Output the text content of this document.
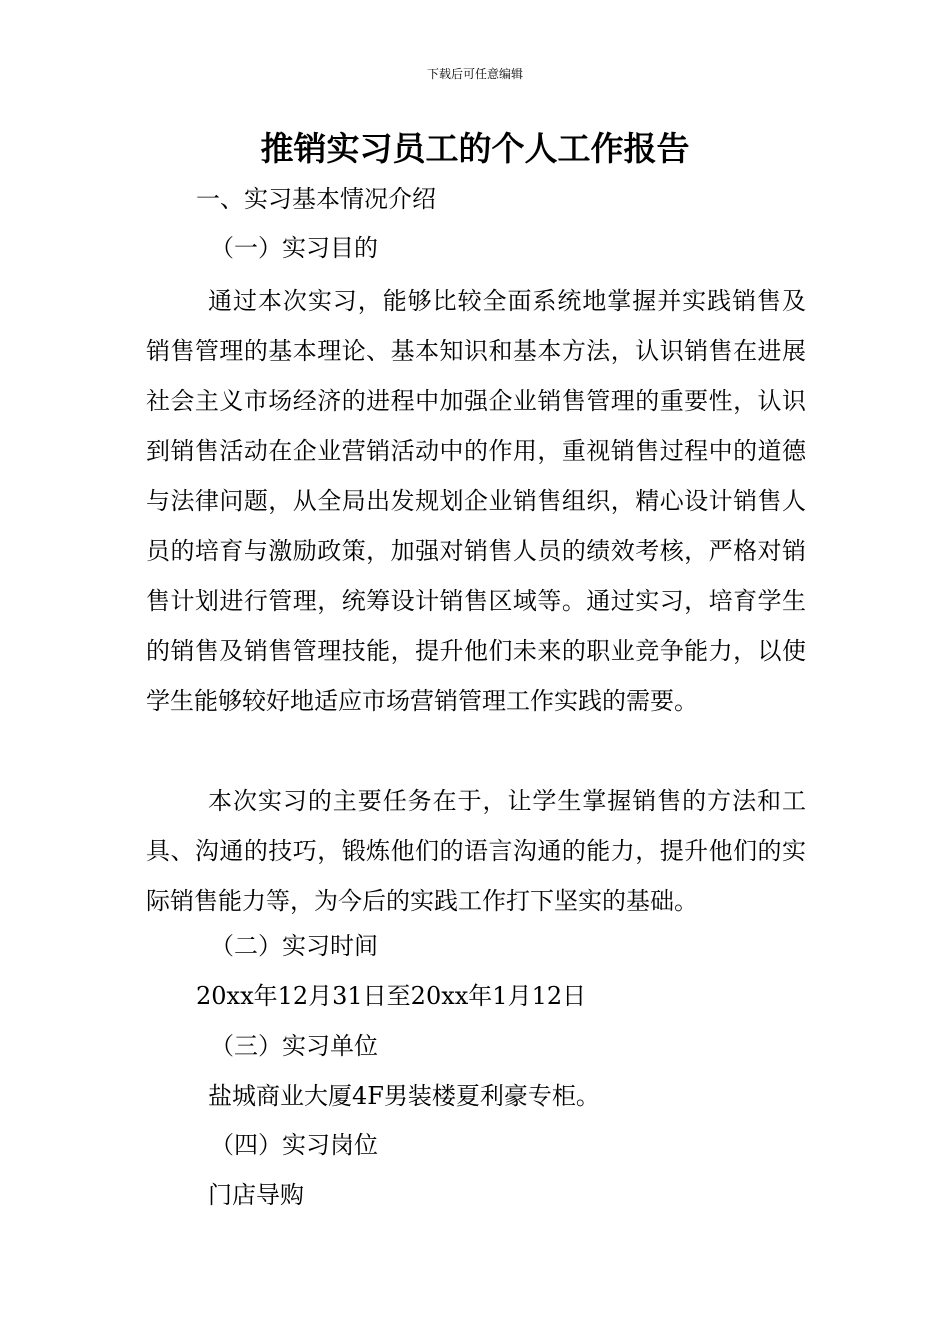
下载后可任意编辑
推销实习员工的个人工作报告

一、实习基本情况介绍

（一）实习目的

通过本次实习，能够比较全面系统地掌握并实践销售及销售管理的基本理论、基本知识和基本方法，认识销售在进展社会主义市场经济的进程中加强企业销售管理的重要性，认识到销售活动在企业营销活动中的作用，重视销售过程中的道德与法律问题，从全局出发规划企业销售组织，精心设计销售人员的培育与激励政策，加强对销售人员的绩效考核，严格对销售计划进行管理，统筹设计销售区域等。通过实习，培育学生的销售及销售管理技能，提升他们未来的职业竞争能力，以使学生能够较好地适应市场营销管理工作实践的需要。

本次实习的主要任务在于，让学生掌握销售的方法和工具、沟通的技巧，锻炼他们的语言沟通的能力，提升他们的实际销售能力等，为今后的实践工作打下坚实的基础。

（二）实习时间

20xx年12月31日至20xx年1月12日

（三）实习单位

盐城商业大厦4F男装楼夏利豪专柜。

（四）实习岗位

门店导购
